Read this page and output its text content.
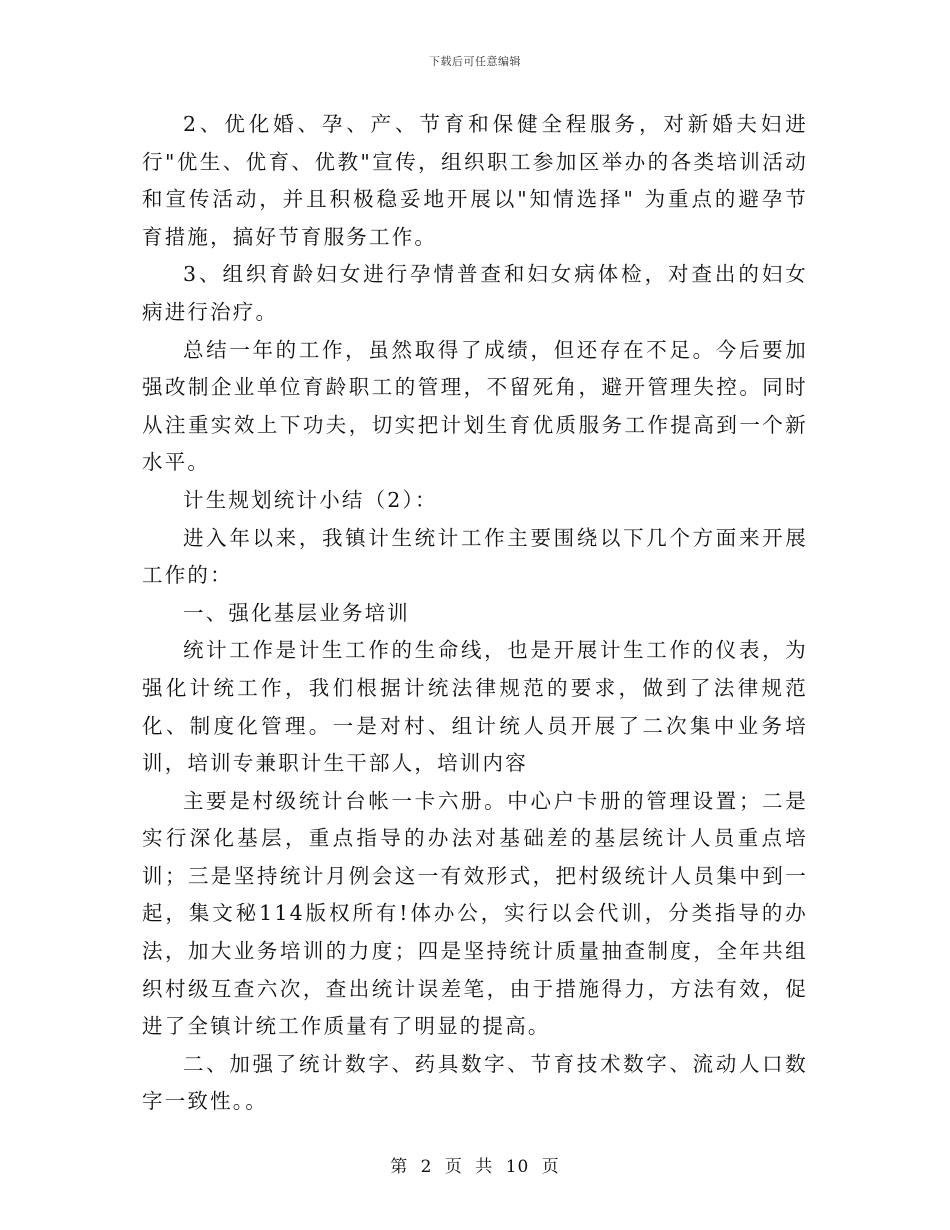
下载后可任意编辑

2、优化婚、孕、产、节育和保健全程服务，对新婚夫妇进行"优生、优育、优教"宣传，组织职工参加区举办的各类培训活动和宣传活动，并且积极稳妥地开展以"知情选择" 为重点的避孕节育措施，搞好节育服务工作。

3、组织育龄妇女进行孕情普查和妇女病体检，对查出的妇女病进行治疗。

总结一年的工作，虽然取得了成绩，但还存在不足。今后要加强改制企业单位育龄职工的管理，不留死角，避开管理失控。同时从注重实效上下功夫，切实把计划生育优质服务工作提高到一个新水平。

计生规划统计小结（2）：

进入年以来，我镇计生统计工作主要围绕以下几个方面来开展工作的：

一、强化基层业务培训

统计工作是计生工作的生命线，也是开展计生工作的仪表，为强化计统工作，我们根据计统法律规范的要求，做到了法律规范化、制度化管理。一是对村、组计统人员开展了二次集中业务培训，培训专兼职计生干部人，培训内容

主要是村级统计台帐一卡六册。中心户卡册的管理设置；二是实行深化基层，重点指导的办法对基础差的基层统计人员重点培训；三是坚持统计月例会这一有效形式，把村级统计人员集中到一起，集文秘114版权所有!体办公，实行以会代训，分类指导的办法，加大业务培训的力度；四是坚持统计质量抽查制度，全年共组织村级互查六次，查出统计误差笔，由于措施得力，方法有效，促进了全镇计统工作质量有了明显的提高。

二、加强了统计数字、药具数字、节育技术数字、流动人口数字一致性。。

第 2 页 共 10 页
